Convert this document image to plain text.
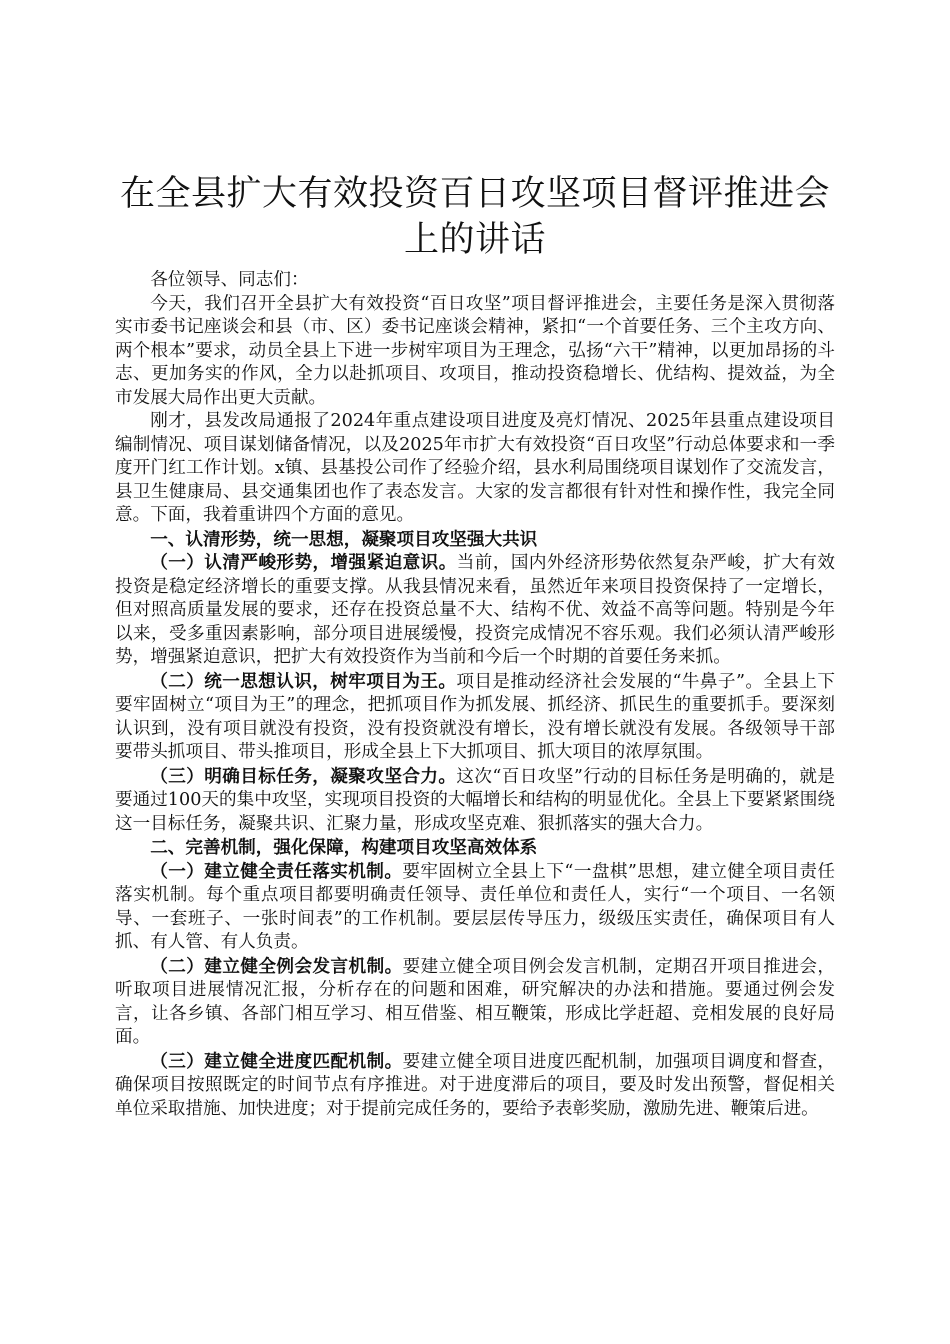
在全县扩大有效投资百日攻坚项目督评推进会上的讲话

各位领导、同志们：

今天，我们召开全县扩大有效投资“百日攻坚”项目督评推进会，主要任务是深入贯彻落实市委书记座谈会和县（市、区）委书记座谈会精神，紧扣“一个首要任务、三个主攻方向、两个根本”要求，动员全县上下进一步树牢项目为王理念，弘扬“六干”精神，以更加昂扬的斗志、更加务实的作风，全力以赴抓项目、攻项目，推动投资稳增长、优结构、提效益，为全市发展大局作出更大贡献。

刚才，县发改局通报了2024年重点建设项目进度及亮灯情况、2025年县重点建设项目编制情况、项目谋划储备情况，以及2025年市扩大有效投资“百日攻坚”行动总体要求和一季度开门红工作计划。x镇、县基投公司作了经验介绍，县水利局围绕项目谋划作了交流发言，县卫生健康局、县交通集团也作了表态发言。大家的发言都很有针对性和操作性，我完全同意。下面，我着重讲四个方面的意见。

一、认清形势，统一思想，凝聚项目攻坚强大共识

（一）认清严峻形势，增强紧迫意识。当前，国内外经济形势依然复杂严峻，扩大有效投资是稳定经济增长的重要支撑。从我县情况来看，虽然近年来项目投资保持了一定增长，但对照高质量发展的要求，还存在投资总量不大、结构不优、效益不高等问题。特别是今年以来，受多重因素影响，部分项目进展缓慢，投资完成情况不容乐观。我们必须认清严峻形势，增强紧迫意识，把扩大有效投资作为当前和今后一个时期的首要任务来抓。

（二）统一思想认识，树牢项目为王。项目是推动经济社会发展的“牛鼻子”。全县上下要牢固树立“项目为王”的理念，把抓项目作为抓发展、抓经济、抓民生的重要抓手。要深刻认识到，没有项目就没有投资，没有投资就没有增长，没有增长就没有发展。各级领导干部要带头抓项目、带头推项目，形成全县上下大抓项目、抓大项目的浓厚氛围。

（三）明确目标任务，凝聚攻坚合力。这次“百日攻坚”行动的目标任务是明确的，就是要通过100天的集中攻坚，实现项目投资的大幅增长和结构的明显优化。全县上下要紧紧围绕这一目标任务，凝聚共识、汇聚力量，形成攻坚克难、狠抓落实的强大合力。

二、完善机制，强化保障，构建项目攻坚高效体系

（一）建立健全责任落实机制。要牢固树立全县上下“一盘棋”思想，建立健全项目责任落实机制。每个重点项目都要明确责任领导、责任单位和责任人，实行“一个项目、一名领导、一套班子、一张时间表”的工作机制。要层层传导压力，级级压实责任，确保项目有人抓、有人管、有人负责。

（二）建立健全例会发言机制。要建立健全项目例会发言机制，定期召开项目推进会，听取项目进展情况汇报，分析存在的问题和困难，研究解决的办法和措施。要通过例会发言，让各乡镇、各部门相互学习、相互借鉴、相互鞭策，形成比学赶超、竞相发展的良好局面。

（三）建立健全进度匹配机制。要建立健全项目进度匹配机制，加强项目调度和督查，确保项目按照既定的时间节点有序推进。对于进度滞后的项目，要及时发出预警，督促相关单位采取措施、加快进度；对于提前完成任务的，要给予表彰奖励，激励先进、鞭策后进。
